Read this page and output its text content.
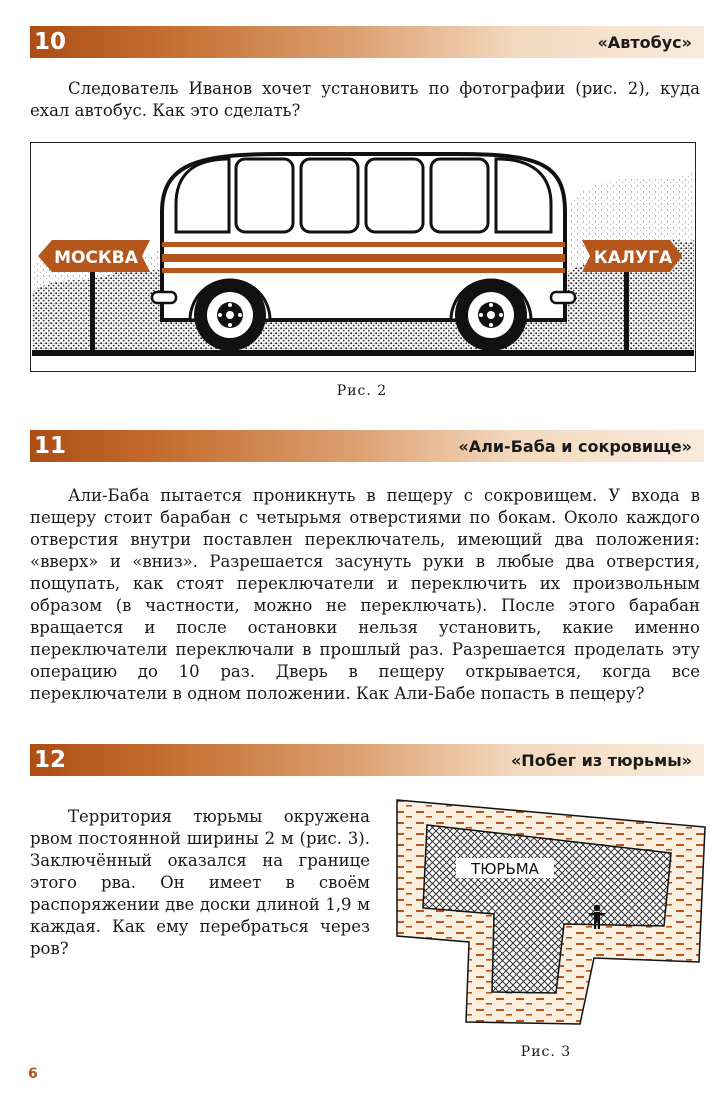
10	«Автобус»

Следователь Иванов хочет установить по фотографии (рис. 2), куда ехал автобус. Как это сделать?

МОСКВА	КАЛУГА
Рис. 2
11	«Али-Баба и сокровище»

Али-Баба пытается проникнуть в пещеру с сокровищем. У входа в пещеру стоит барабан с четырьмя отверстиями по бокам. Около каждого отверстия внутри поставлен переключатель, имеющий два положения: «вверх» и «вниз». Разрешается засунуть руки в любые два отверстия, пощупать, как стоят переключатели и переключить их произвольным образом (в частности, можно не переключать). После этого барабан вращается и после остановки нельзя установить, какие именно переключатели переключали в прошлый раз. Разрешается проделать эту операцию до 10 раз. Дверь в пещеру открывается, когда все переключатели в одном положении. Как Али-Бабе попасть в пещеру?

12	«Побег из тюрьмы»

Территория тюрьмы окружена рвом постоянной ширины 2 м (рис. 3). Заключённый оказался на границе этого рва. Он имеет в своём распоряжении две доски длиной 1,9 м каждая. Как ему перебраться через ров?

ТЮРЬМА
Рис. 3
6
